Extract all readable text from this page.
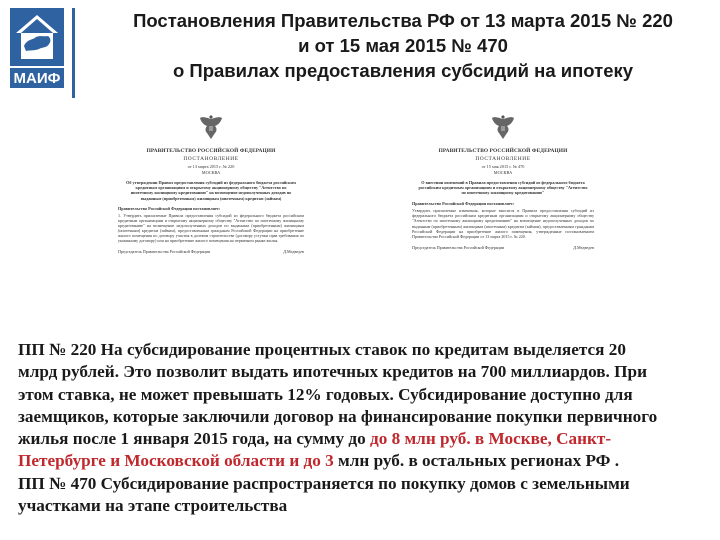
МАИФ
Постановления Правительства РФ от 13 марта 2015 № 220
и от 15 мая 2015 № 470
о Правилах предоставления субсидий на ипотеку
ПРАВИТЕЛЬСТВО РОССИЙСКОЙ ФЕДЕРАЦИИ
ПОСТАНОВЛЕНИЕ
от 13 марта 2015 г. № 220
МОСКВА
Об утверждении Правил предоставления субсидий из федерального бюджета российским кредитным организациям и открытому акционерному обществу "Агентство по ипотечному жилищному кредитованию" на возмещение недополученных доходов по выданным (приобретенным) жилищным (ипотечным) кредитам (займам)
Правительство Российской Федерации постановляет:
1. Утвердить прилагаемые Правила предоставления субсидий из федерального бюджета российским кредитным организациям и открытому акционерному обществу "Агентство по ипотечному жилищному кредитованию" на возмещение недополученных доходов по выданным (приобретенным) жилищным (ипотечным) кредитам (займам), предоставленным гражданам Российской Федерации на приобретение жилого помещения по договору участия в долевом строительстве (договору уступки прав требования по указанному договору) или на приобретение жилого помещения на первичном рынке жилья.
Председатель Правительства Российской Федерации	Д.Медведев
ПРАВИТЕЛЬСТВО РОССИЙСКОЙ ФЕДЕРАЦИИ
ПОСТАНОВЛЕНИЕ
от 15 мая 2015 г. № 470
МОСКВА
О внесении изменений в Правила предоставления субсидий из федерального бюджета российским кредитным организациям и открытому акционерному обществу "Агентство по ипотечному жилищному кредитованию"
Правительство Российской Федерации постановляет:
Утвердить прилагаемые изменения, которые вносятся в Правила предоставления субсидий из федерального бюджета российским кредитным организациям и открытому акционерному обществу "Агентство по ипотечному жилищному кредитованию" на возмещение недополученных доходов по выданным (приобретенным) жилищным (ипотечным) кредитам (займам), предоставленным гражданам Российской Федерации на приобретение жилого помещения, утвержденные постановлением Правительства Российской Федерации от 13 марта 2015 г. № 220.
Председатель Правительства Российской Федерации	Д.Медведев
ПП № 220 На субсидирование процентных ставок по кредитам выделяется 20
млрд рублей. Это позволит выдать ипотечных кредитов на 700 миллиардов. При
этом ставка, не может превышать 12% годовых. Субсидирование доступно для
заемщиков, которые заключили договор на финансирование покупки первичного
жилья после 1 января 2015 года, на сумму до до 8 млн руб. в Москве, Санкт-
Петербурге и Московской области и до 3 млн руб. в остальных регионах РФ .
ПП № 470 Субсидирование распространяется по покупку домов с земельными
участками на этапе строительства
